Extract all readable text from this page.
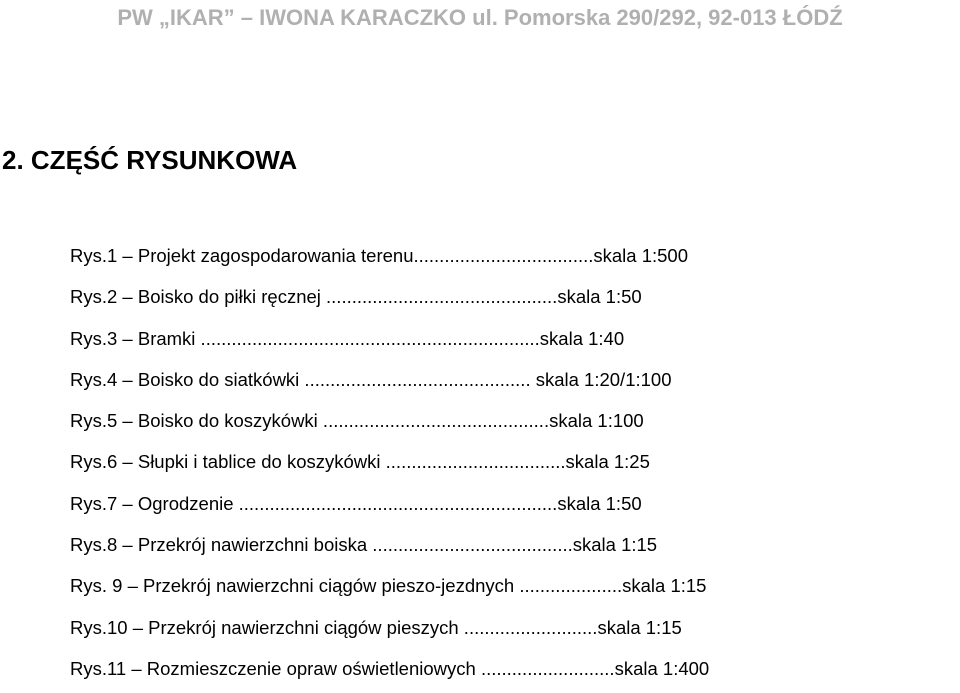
PW „IKAR” – IWONA KARACZKO ul. Pomorska 290/292, 92-013 ŁÓDŹ
2. CZĘŚĆ RYSUNKOWA
Rys.1 – Projekt zagospodarowania terenu...................................skala 1:500
Rys.2 – Boisko do piłki ręcznej .............................................skala 1:50
Rys.3 – Bramki ..................................................................skala 1:40
Rys.4 – Boisko do siatkówki ............................................ skala 1:20/1:100
Rys.5 – Boisko do koszykówki ............................................skala 1:100
Rys.6 – Słupki i tablice do koszykówki ...................................skala 1:25
Rys.7 – Ogrodzenie ..............................................................skala 1:50
Rys.8 – Przekrój nawierzchni boiska .......................................skala 1:15
Rys. 9 – Przekrój nawierzchni ciągów pieszo-jezdnych ....................skala 1:15
Rys.10 – Przekrój nawierzchni ciągów pieszych ..........................skala 1:15
Rys.11 – Rozmieszczenie opraw oświetleniowych ..........................skala 1:400
